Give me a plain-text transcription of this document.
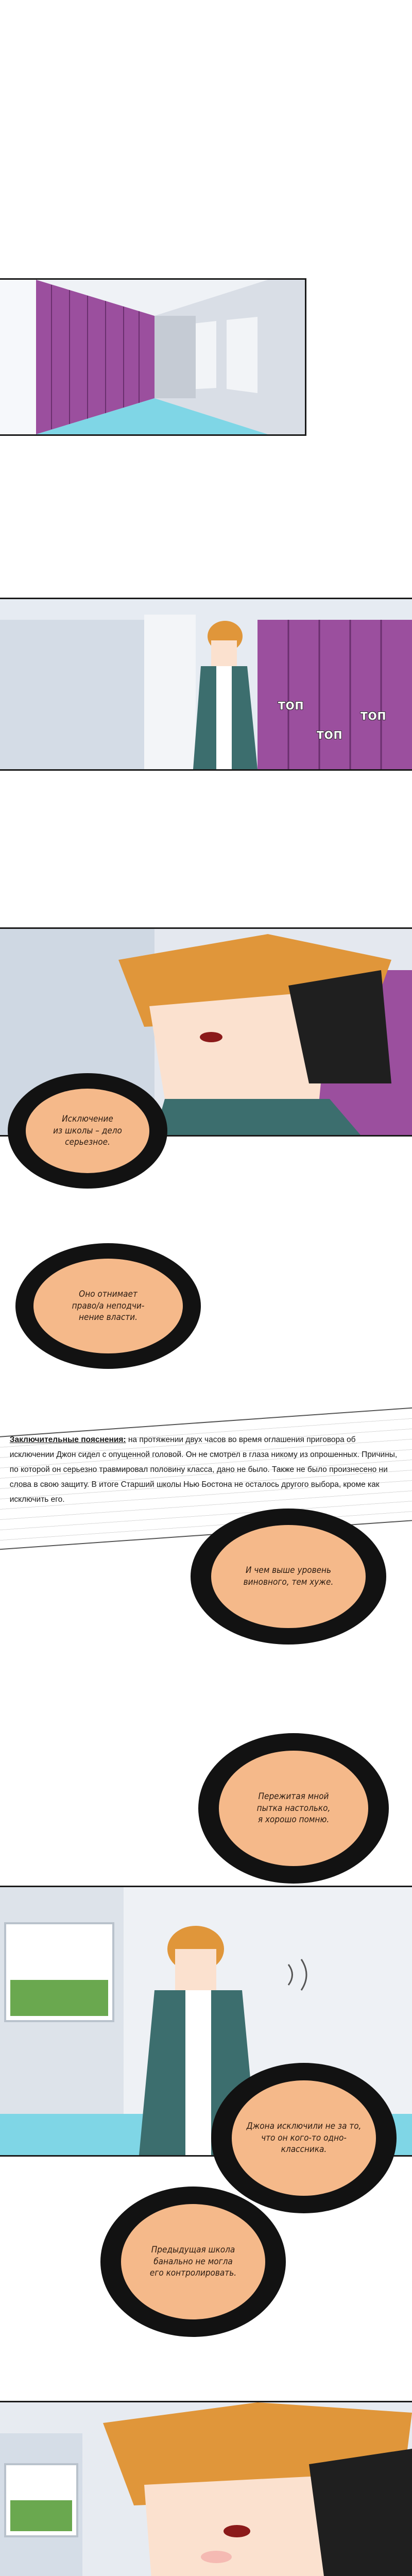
ТОП
ТОП
ТОП
Заключительные пояснения: на протяжении двух часов во время оглашения приговора об исключении Джон сидел с опущенной головой. Он не смотрел в глаза никому из опрошенных. Причины, по которой он серьезно травмировал половину класса, дано не было. Также не было произнесено ни слова в свою защиту. В итоге Старший школы Нью Бостона не осталось другого выбора, кроме как исключить его.
Исключение
из школы – дело
серьезное.
Оно отнимает
право/а неподчи-
нение власти.
И чем выше уровень
виновного, тем хуже.
Пережитая мной
пытка настолько,
я хорошо помню.
Джона исключили не за то,
что он кого-то одно-
классника.
Предыдущая школа
банально не могла
его контролировать.
